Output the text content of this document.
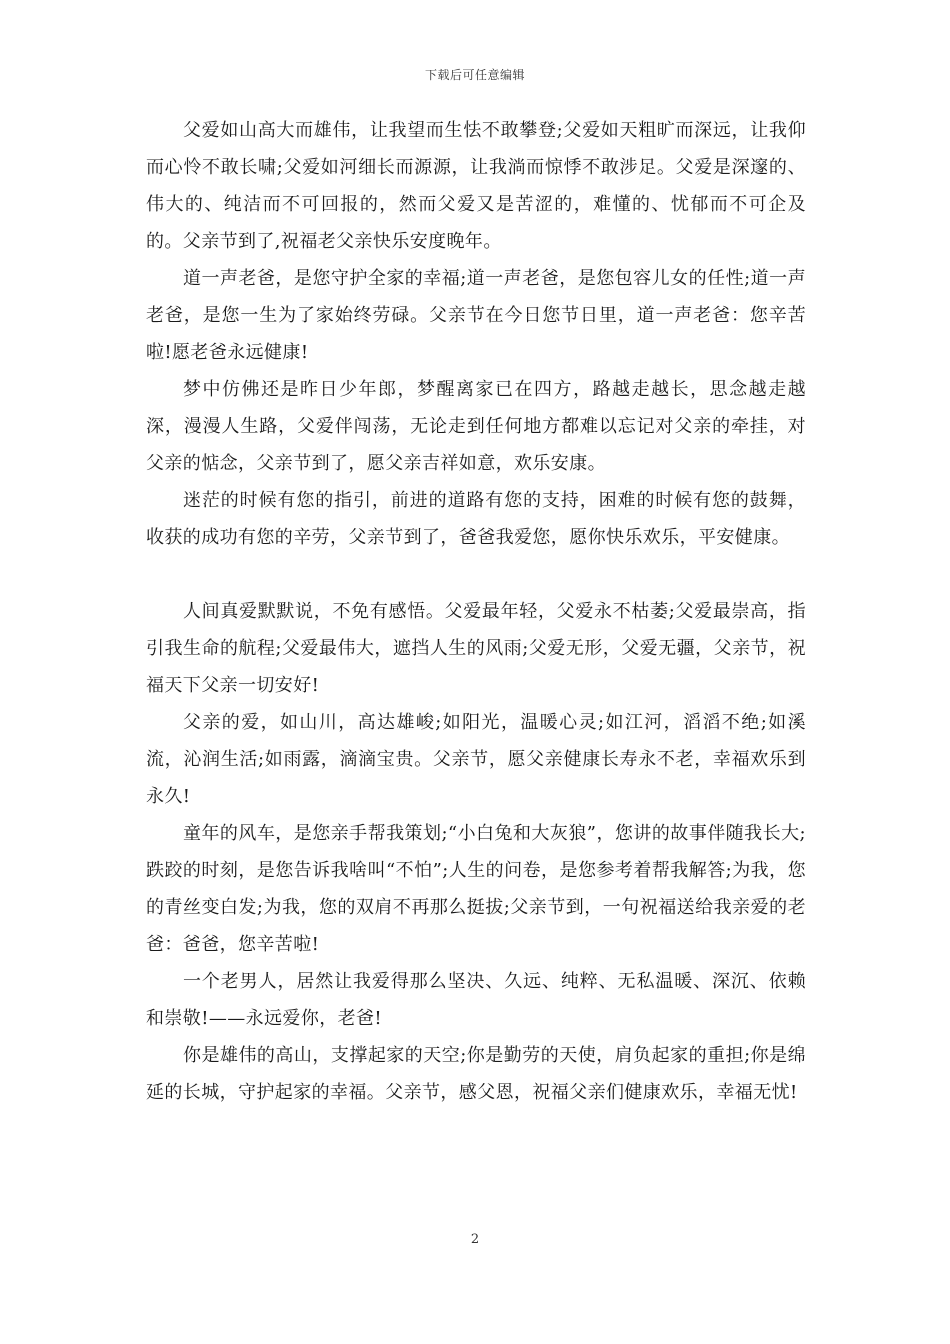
下载后可任意编辑

父爱如山高大而雄伟，让我望而生怯不敢攀登;父爱如天粗旷而深远，让我仰而心怜不敢长啸;父爱如河细长而源源，让我淌而惊悸不敢涉足。父爱是深邃的、伟大的、纯洁而不可回报的，然而父爱又是苦涩的，难懂的、忧郁而不可企及的。父亲节到了,祝福老父亲快乐安度晚年。

道一声老爸，是您守护全家的幸福;道一声老爸，是您包容儿女的任性;道一声老爸，是您一生为了家始终劳碌。父亲节在今日您节日里，道一声老爸：您辛苦啦!愿老爸永远健康!

梦中仿佛还是昨日少年郎，梦醒离家已在四方，路越走越长，思念越走越深，漫漫人生路，父爱伴闯荡，无论走到任何地方都难以忘记对父亲的牵挂，对父亲的惦念，父亲节到了，愿父亲吉祥如意，欢乐安康。

迷茫的时候有您的指引，前进的道路有您的支持，困难的时候有您的鼓舞，收获的成功有您的辛劳，父亲节到了，爸爸我爱您，愿你快乐欢乐，平安健康。

人间真爱默默说，不免有感悟。父爱最年轻，父爱永不枯萎;父爱最崇高，指引我生命的航程;父爱最伟大，遮挡人生的风雨;父爱无形，父爱无疆，父亲节，祝福天下父亲一切安好!

父亲的爱，如山川，高达雄峻;如阳光，温暖心灵;如江河，滔滔不绝;如溪流，沁润生活;如雨露，滴滴宝贵。父亲节，愿父亲健康长寿永不老，幸福欢乐到永久!

童年的风车，是您亲手帮我策划;“小白兔和大灰狼”，您讲的故事伴随我长大;跌跤的时刻，是您告诉我啥叫“不怕”;人生的问卷，是您参考着帮我解答;为我，您的青丝变白发;为我，您的双肩不再那么挺拔;父亲节到，一句祝福送给我亲爱的老爸：爸爸，您辛苦啦!

一个老男人，居然让我爱得那么坚决、久远、纯粹、无私温暖、深沉、依赖和崇敬!——永远爱你，老爸!

你是雄伟的高山，支撑起家的天空;你是勤劳的天使，肩负起家的重担;你是绵延的长城，守护起家的幸福。父亲节，感父恩，祝福父亲们健康欢乐，幸福无忧!

2
